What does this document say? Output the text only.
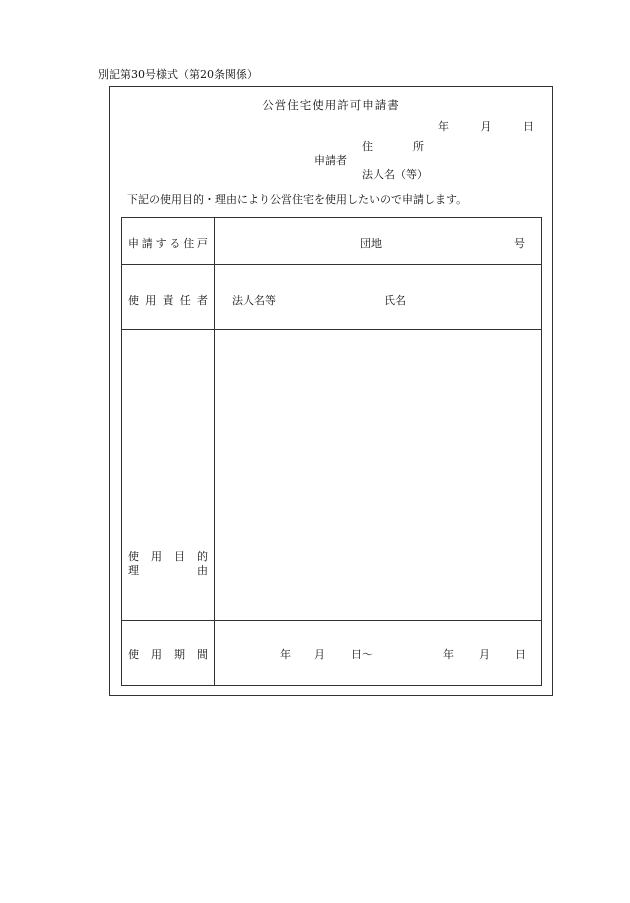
別記第30号様式（第20条関係）
公営住宅使用許可申請書
年	月	日
住	所
申請者
法人名（等）
下記の使用目的・理由により公営住宅を使用したいので申請します。
申 請 す る 住 戸	団地	号
使 用 責 任 者 法人名等	氏名
使 用 目 的
理	由
使 用 期 間	年 月 日〜	年 月 日
